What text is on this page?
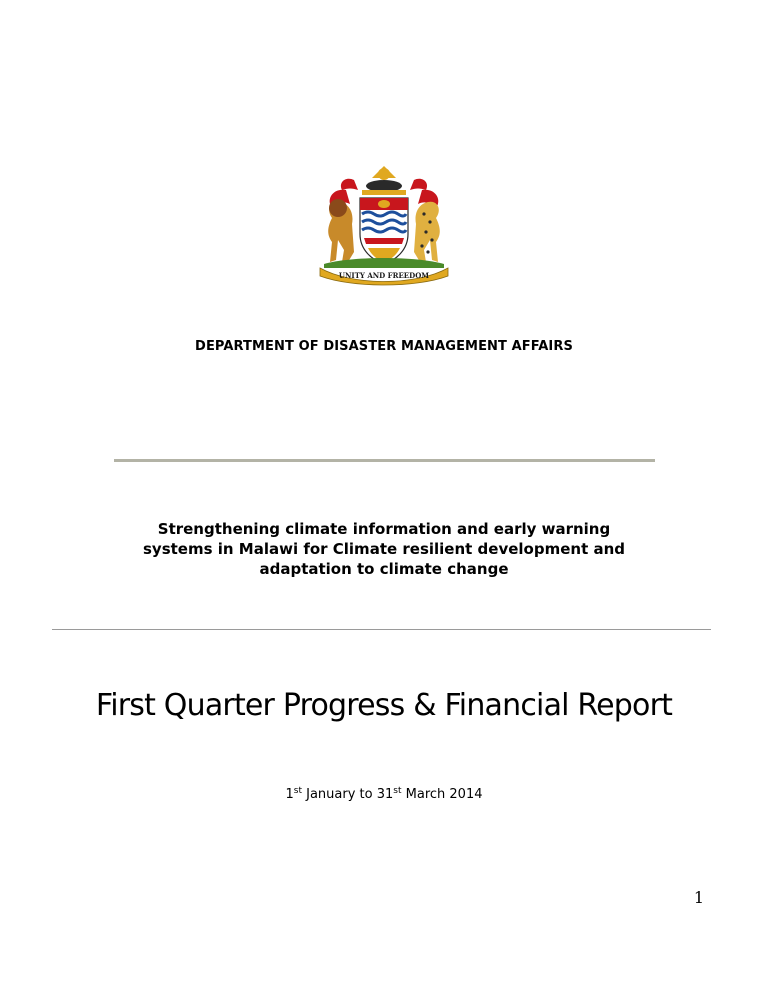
UNITY AND FREEDOM
DEPARTMENT OF DISASTER MANAGEMENT AFFAIRS
Strengthening climate information and early warning
systems in Malawi for Climate resilient development and
adaptation to climate change
First Quarter Progress & Financial Report
1st January to 31st March 2014
1
